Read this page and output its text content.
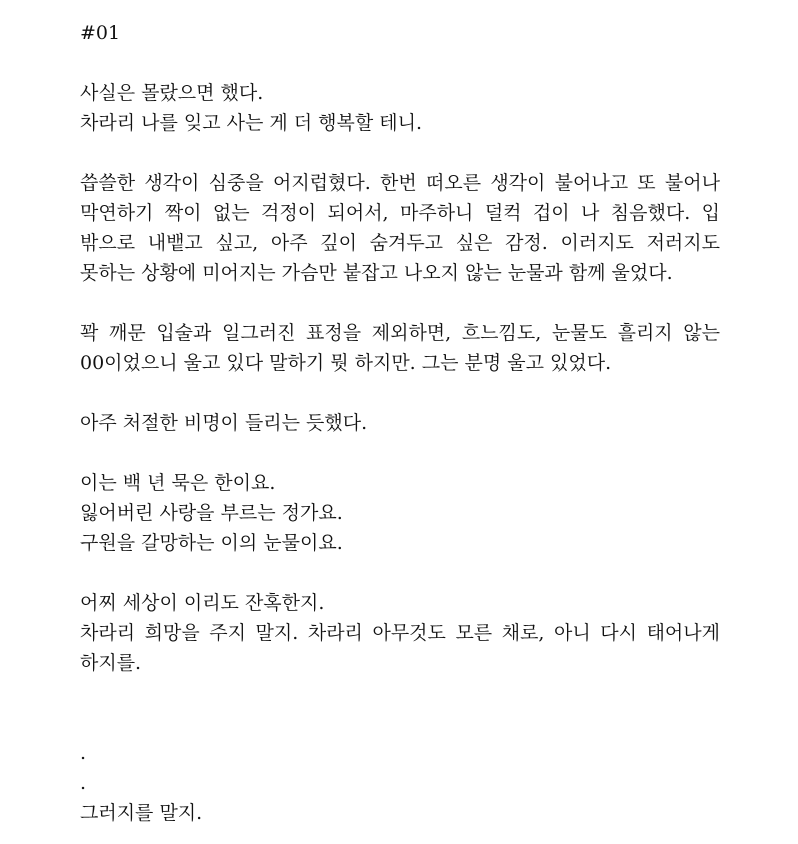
#01
사실은 몰랐으면 했다.
차라리 나를 잊고 사는 게 더 행복할 테니.
씁쓸한 생각이 심중을 어지럽혔다. 한번 떠오른 생각이 불어나고 또 불어나 막연하기 짝이 없는 걱정이 되어서, 마주하니 덜컥 겁이 나 침음했다. 입 밖으로 내뱉고 싶고, 아주 깊이 숨겨두고 싶은 감정. 이러지도 저러지도 못하는 상황에 미어지는 가슴만 붙잡고 나오지 않는 눈물과 함께 울었다.
꽉 깨문 입술과 일그러진 표정을 제외하면, 흐느낌도, 눈물도 흘리지 않는 00이었으니 울고 있다 말하기 뭣 하지만. 그는 분명 울고 있었다.
아주 처절한 비명이 들리는 듯했다.
이는 백 년 묵은 한이요.
잃어버린 사랑을 부르는 정가요.
구원을 갈망하는 이의 눈물이요.
어찌 세상이 이리도 잔혹한지.
차라리 희망을 주지 말지. 차라리 아무것도 모른 채로, 아니 다시 태어나게 하지를.
.
.
그러지를 말지.
